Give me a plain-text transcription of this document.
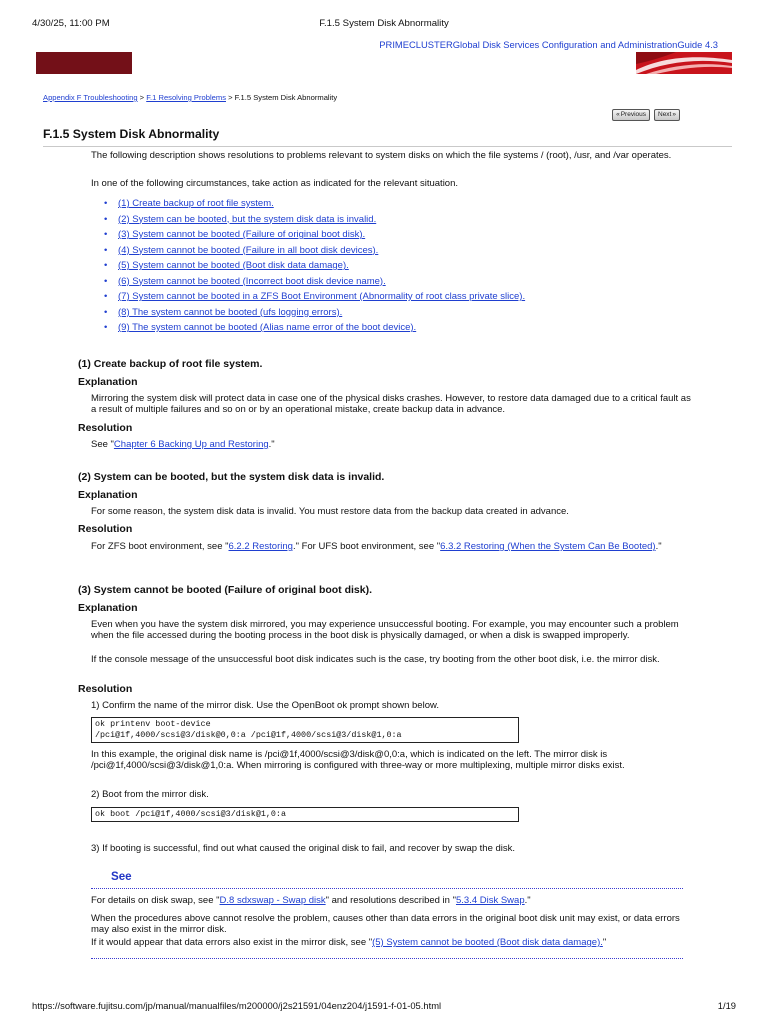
4/30/25, 11:00 PM	F.1.5 System Disk Abnormality
PRIMECLUSTERGlobal Disk Services Configuration and AdministrationGuide 4.3
Appendix F Troubleshooting > F.1 Resolving Problems > F.1.5 System Disk Abnormality
« Previous Next »
F.1.5 System Disk Abnormality
The following description shows resolutions to problems relevant to system disks on which the file systems / (root), /usr, and /var operates.
In one of the following circumstances, take action as indicated for the relevant situation.
• (1) Create backup of root file system.
• (2) System can be booted, but the system disk data is invalid.
• (3) System cannot be booted (Failure of original boot disk).
• (4) System cannot be booted (Failure in all boot disk devices).
• (5) System cannot be booted (Boot disk data damage).
• (6) System cannot be booted (Incorrect boot disk device name).
• (7) System cannot be booted in a ZFS Boot Environment (Abnormality of root class private slice).
• (8) The system cannot be booted (ufs logging errors).
• (9) The system cannot be booted (Alias name error of the boot device).
(1) Create backup of root file system.
Explanation
Mirroring the system disk will protect data in case one of the physical disks crashes. However, to restore data damaged due to a critical fault as a result of multiple failures and so on or by an operational mistake, create backup data in advance.
Resolution
See "Chapter 6 Backing Up and Restoring."
(2) System can be booted, but the system disk data is invalid.
Explanation
For some reason, the system disk data is invalid. You must restore data from the backup data created in advance.
Resolution
For ZFS boot environment, see "6.2.2 Restoring." For UFS boot environment, see "6.3.2 Restoring (When the System Can Be Booted)."
(3) System cannot be booted (Failure of original boot disk).
Explanation
Even when you have the system disk mirrored, you may experience unsuccessful booting. For example, you may encounter such a problem when the file accessed during the booting process in the boot disk is physically damaged, or when a disk is swapped improperly.
If the console message of the unsuccessful boot disk indicates such is the case, try booting from the other boot disk, i.e. the mirror disk.
Resolution
1) Confirm the name of the mirror disk. Use the OpenBoot ok prompt shown below.
ok printenv boot-device
/pci@1f,4000/scsi@3/disk@0,0:a /pci@1f,4000/scsi@3/disk@1,0:a
In this example, the original disk name is /pci@1f,4000/scsi@3/disk@0,0:a, which is indicated on the left. The mirror disk is /pci@1f,4000/scsi@3/disk@1,0:a. When mirroring is configured with three-way or more multiplexing, multiple mirror disks exist.
2) Boot from the mirror disk.
ok boot /pci@1f,4000/scsi@3/disk@1,0:a
3) If booting is successful, find out what caused the original disk to fail, and recover by swap the disk.
See
For details on disk swap, see "D.8 sdxswap - Swap disk" and resolutions described in "5.3.4 Disk Swap."
When the procedures above cannot resolve the problem, causes other than data errors in the original boot disk unit may exist, or data errors may also exist in the mirror disk.
If it would appear that data errors also exist in the mirror disk, see "(5) System cannot be booted (Boot disk data damage)."
https://software.fujitsu.com/jp/manual/manualfiles/m200000/j2s21591/04enz204/j1591-f-01-05.html	1/19
